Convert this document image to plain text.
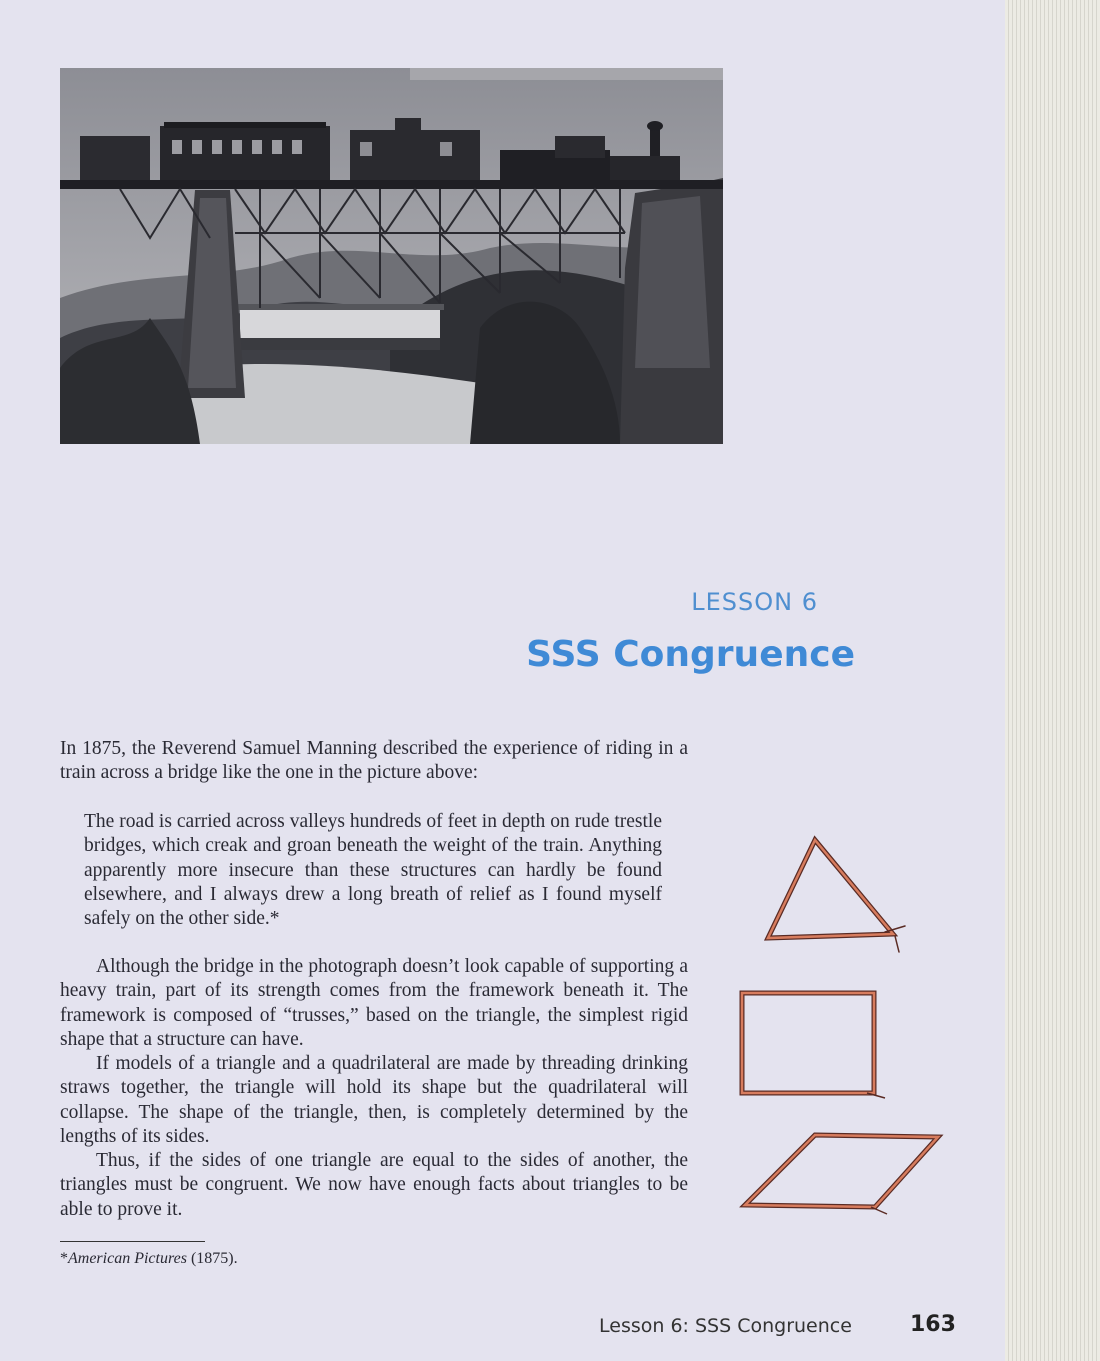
LESSON 6
SSS Congruence

In 1875, the Reverend Samuel Manning described the experience of riding in a train across a bridge like the one in the picture above:

The road is carried across valleys hundreds of feet in depth on rude trestle bridges, which creak and groan beneath the weight of the train. Anything apparently more insecure than these structures can hardly be found elsewhere, and I always drew a long breath of relief as I found myself safely on the other side.*

Although the bridge in the photograph doesn’t look capable of supporting a heavy train, part of its strength comes from the framework beneath it. The framework is composed of “trusses,” based on the triangle, the simplest rigid shape that a structure can have.

If models of a triangle and a quadrilateral are made by threading drinking straws together, the triangle will hold its shape but the quadrilateral will collapse. The shape of the triangle, then, is completely determined by the lengths of its sides.

Thus, if the sides of one triangle are equal to the sides of another, the triangles must be congruent. We now have enough facts about triangles to be able to prove it.

*American Pictures (1875).
Lesson 6: SSS Congruence	163
